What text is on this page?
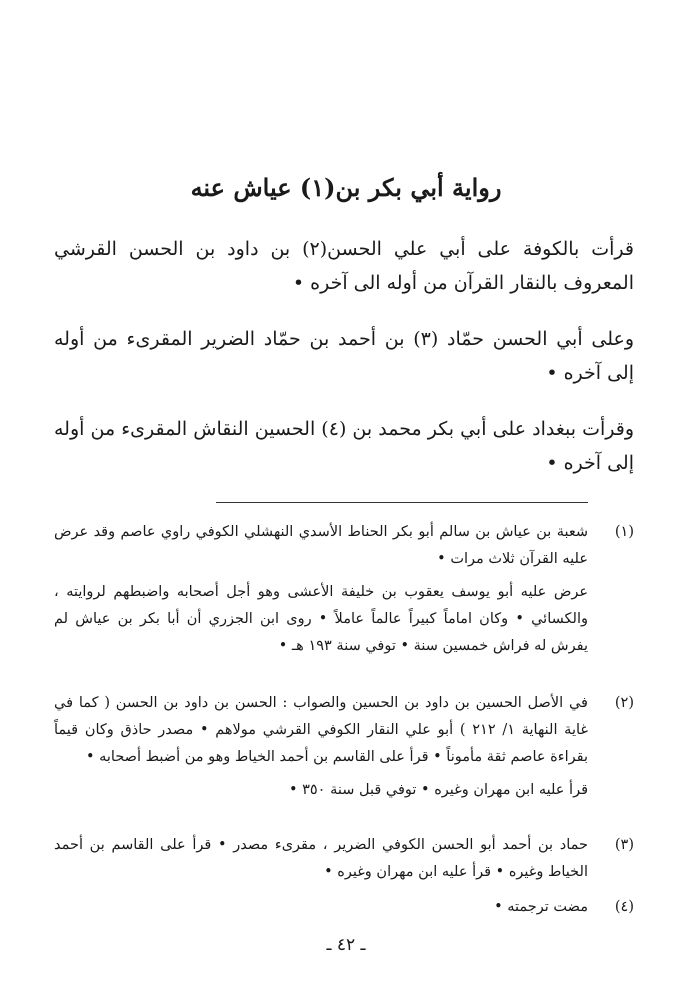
رواية أبي بكر بن(١) عياش عنه
قرأت بالكوفة على أبي علي الحسن(٢) بن داود بن الحسن القرشي المعروف بالنقار القرآن من أوله الى آخره •
وعلى أبي الحسن حمّاد (٣) بن أحمد بن حمّاد الضرير المقرىء من أوله إلى آخره •
وقرأت ببغداد على أبي بكر محمد بن (٤) الحسين النقاش المقرىء من أوله إلى آخره •
(١)

شعبة بن عياش بن سالم أبو بكر الحناط الأسدي النهشلي الكوفي راوي عاصم وقد عرض عليه القرآن ثلاث مرات •

عرض عليه أبو يوسف يعقوب بن خليفة الأعشى وهو أجل أصحابه واضبطهم لروايته ، والكسائي • وكان اماماً كبيراً عالماً عاملاً • روى ابن الجزري أن أبا بكر بن عياش لم يفرش له فراش خمسين سنة • توفي سنة ١٩٣ هـ •

(٢)

في الأصل الحسين بن داود بن الحسين والصواب : الحسن بن داود بن الحسن ( كما في غاية النهاية ١/ ٢١٢ ) أبو علي النقار الكوفي القرشي مولاهم • مصدر حاذق وكان قيماً بقراءة عاصم ثقة مأموناً • قرأ على القاسم بن أحمد الخياط وهو من أضبط أصحابه •

قرأ عليه ابن مهران وغيره • توفي قبل سنة ٣٥٠ •

(٣)

حماد بن أحمد أبو الحسن الكوفي الضرير ، مقرىء مصدر • قرأ على القاسم بن أحمد الخياط وغيره • قرأ عليه ابن مهران وغيره •

(٤)

مضت ترجمته •

ـ ٤٢ ـ
